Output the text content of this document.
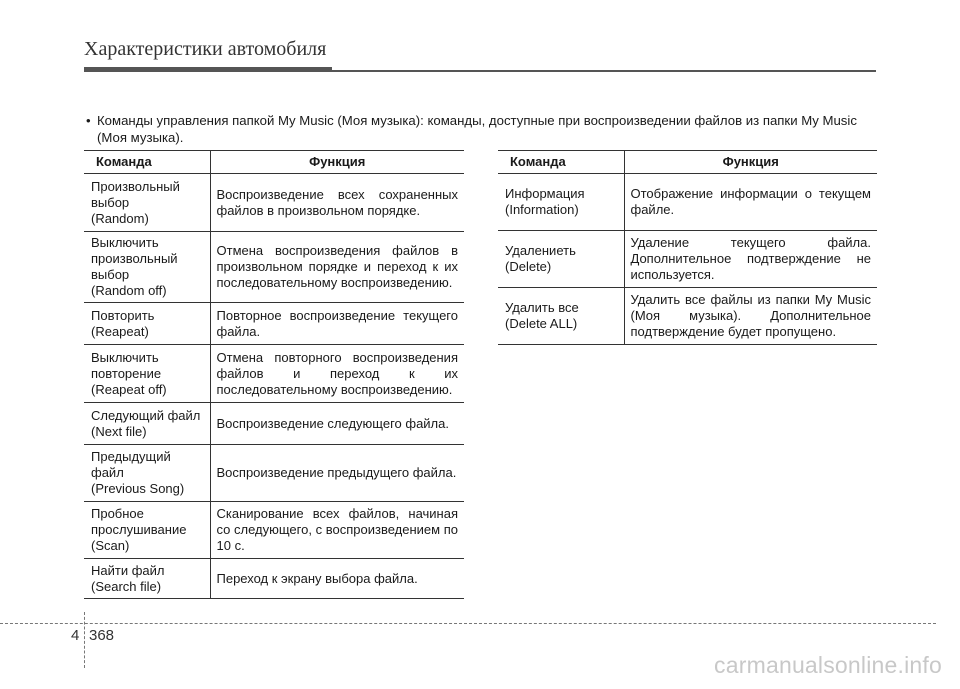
Характеристики автомобиля
• Команды управления папкой My Music (Моя музыка): команды, доступные при воспроизведении файлов из папки My Music (Моя музыка).
Команда	Функция

Произвольный выбор
(Random)	Воспроизведение всех сохраненных файлов в произвольном порядке.

Выключить произвольный выбор
(Random off)	Отмена воспроизведения файлов в произвольном порядке и переход к их последовательному воспроизведению.

Повторить
(Reapeat)	Повторное воспроизведение текущего файла.

Выключить повторение
(Reapeat off)	Отмена повторного воспроизведения файлов и переход к их последовательному воспроизведению.

Следующий файл
(Next file)	Воспроизведение следующего файла.

Предыдущий файл
(Previous Song)	Воспроизведение предыдущего файла.

Пробное прослушивание
(Scan)	Сканирование всех файлов, начиная со следующего, с воспроизведением по 10 с.

Найти файл
(Search file)	Переход к экрану выбора файла.
Команда	Функция

Информация
(Information)	Отображение информации о текущем файле.

Удалениеть
(Delete)	Удаление текущего файла. Дополнительное подтверждение не используется.

Удалить все
(Delete ALL)	Удалить все файлы из папки My Music (Моя музыка). Дополнительное подтверждение будет пропущено.
4 368
carmanualsonline.info
